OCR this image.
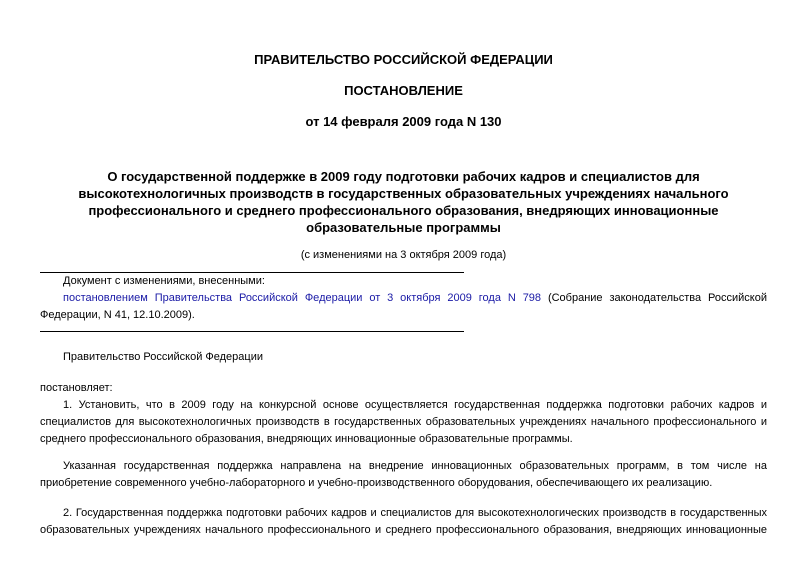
ПРАВИТЕЛЬСТВО РОССИЙСКОЙ ФЕДЕРАЦИИ
ПОСТАНОВЛЕНИЕ
от 14 февраля 2009 года N 130
О государственной поддержке в 2009 году подготовки рабочих кадров и специалистов для
высокотехнологичных производств в государственных образовательных учреждениях начального
профессионального и среднего профессионального образования, внедряющих инновационные
образовательные программы
(с изменениями на 3 октября 2009 года)
Документ с изменениями, внесенными:
постановлением Правительства Российской Федерации от 3 октября 2009 года N 798 (Собрание законодательства Российской
Федерации, N 41, 12.10.2009).
Правительство Российской Федерации
постановляет:
1. Установить, что в 2009 году на конкурсной основе осуществляется государственная поддержка подготовки рабочих кадров и
специалистов для высокотехнологичных производств в государственных образовательных учреждениях начального профессионального и
среднего профессионального образования, внедряющих инновационные образовательные программы.
Указанная государственная поддержка направлена на внедрение инновационных образовательных программ, в том числе на
приобретение современного учебно-лабораторного и учебно-производственного оборудования, обеспечивающего их реализацию.
2. Государственная поддержка подготовки рабочих кадров и специалистов для высокотехнологических производств в государственных
образовательных учреждениях начального профессионального и среднего профессионального образования, внедряющих инновационные
